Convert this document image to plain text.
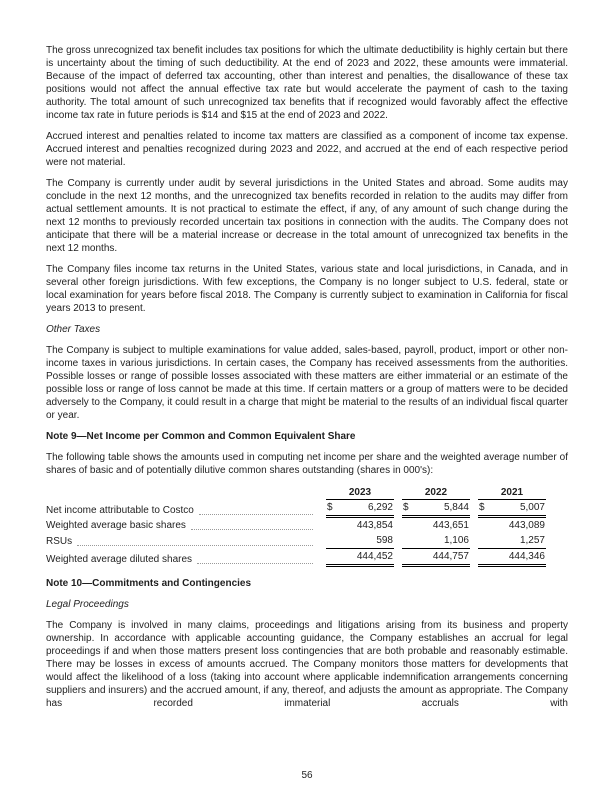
The gross unrecognized tax benefit includes tax positions for which the ultimate deductibility is highly certain but there is uncertainty about the timing of such deductibility. At the end of 2023 and 2022, these amounts were immaterial. Because of the impact of deferred tax accounting, other than interest and penalties, the disallowance of these tax positions would not affect the annual effective tax rate but would accelerate the payment of cash to the taxing authority. The total amount of such unrecognized tax benefits that if recognized would favorably affect the effective income tax rate in future periods is $14 and $15 at the end of 2023 and 2022.

Accrued interest and penalties related to income tax matters are classified as a component of income tax expense. Accrued interest and penalties recognized during 2023 and 2022, and accrued at the end of each respective period were not material.

The Company is currently under audit by several jurisdictions in the United States and abroad. Some audits may conclude in the next 12 months, and the unrecognized tax benefits recorded in relation to the audits may differ from actual settlement amounts. It is not practical to estimate the effect, if any, of any amount of such change during the next 12 months to previously recorded uncertain tax positions in connection with the audits. The Company does not anticipate that there will be a material increase or decrease in the total amount of unrecognized tax benefits in the next 12 months.

The Company files income tax returns in the United States, various state and local jurisdictions, in Canada, and in several other foreign jurisdictions. With few exceptions, the Company is no longer subject to U.S. federal, state or local examination for years before fiscal 2018. The Company is currently subject to examination in California for fiscal years 2013 to present.

Other Taxes

The Company is subject to multiple examinations for value added, sales-based, payroll, product, import or other non-income taxes in various jurisdictions. In certain cases, the Company has received assessments from the authorities. Possible losses or range of possible losses associated with these matters are either immaterial or an estimate of the possible loss or range of loss cannot be made at this time. If certain matters or a group of matters were to be decided adversely to the Company, it could result in a charge that might be material to the results of an individual fiscal quarter or year.

Note 9—Net Income per Common and Common Equivalent Share

The following table shows the amounts used in computing net income per share and the weighted average number of shares of basic and of potentially dilutive common shares outstanding (shares in 000's):

2023	2022	2021
Net income attributable to Costco	$	6,292 $	5,844 $	5,007
Weighted average basic shares	443,854	443,651	443,089
RSUs	598	1,106	1,257
Weighted average diluted shares	444,452	444,757	444,346

Note 10—Commitments and Contingencies

Legal Proceedings

The Company is involved in many claims, proceedings and litigations arising from its business and property ownership. In accordance with applicable accounting guidance, the Company establishes an accrual for legal proceedings if and when those matters present loss contingencies that are both probable and reasonably estimable. There may be losses in excess of amounts accrued. The Company monitors those matters for developments that would affect the likelihood of a loss (taking into account where applicable indemnification arrangements concerning suppliers and insurers) and the accrued amount, if any, thereof, and adjusts the amount as appropriate. The Company has recorded immaterial accruals with

56
